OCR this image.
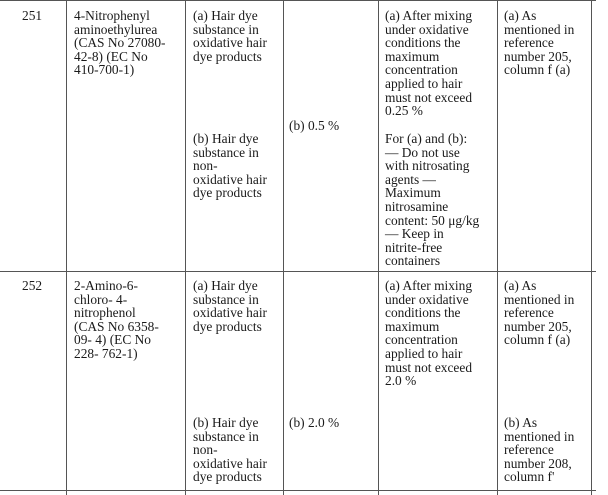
251 4-Nitrophenyl
aminoethylurea
(CAS No 27080-
42-8) (EC No
410-700-1)
(a) Hair dye
substance in
oxidative hair
dye products
(b) Hair dye
substance in
non-
oxidative hair
dye products
(b) 0.5 %
(a) After mixing
under oxidative
conditions the
maximum
concentration
applied to hair
must not exceed
0.25 %
For (a) and (b):
— Do not use
with nitrosating
agents —
Maximum
nitrosamine
content: 50 μg/kg
— Keep in
nitrite-free
containers
(a) As
mentioned in
reference
number 205,
column f (a)
252 2-Amino-6-
chloro- 4-
nitrophenol
(CAS No 6358-
09- 4) (EC No
228- 762-1)
(a) Hair dye
substance in
oxidative hair
dye products
(b) Hair dye
substance in
non-
oxidative hair
dye products
(b) 2.0 %
(a) After mixing
under oxidative
conditions the
maximum
concentration
applied to hair
must not exceed
2.0 %
(a) As
mentioned in
reference
number 205,
column f (a)
(b) As
mentioned in
reference
number 208,
column f'
